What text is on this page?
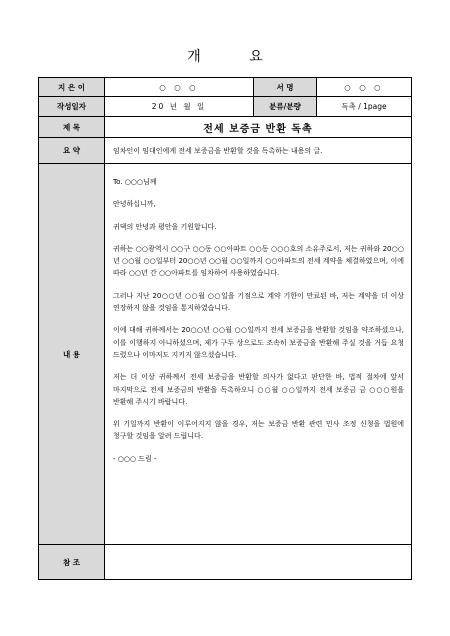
개 요
지 은 이	○ ○ ○	서 명	○ ○ ○
작성일자	20 년 월 일	분류/분량	독촉 / 1page
제 목	전세 보증금 반환 독촉
요 약	임차인이 임대인에게 전세 보증금을 반환할 것을 독촉하는 내용의 글.
내 용

To. ○○○님께

안녕하십니까,

귀댁의 안녕과 평안을 기원합니다.

귀하는 ○○광역시 ○○구 ○○동 ○○아파트 ○○동 ○○○호의 소유주로서, 저는 귀하와 20○○년 ○○월 ○○일부터 20○○년 ○○월 ○○일까지 ○○아파트의 전세 계약을 체결하였으며, 이에 따라 ○○년 간 ○○아파트를 임차하여 사용하였습니다.

그러나 지난 20○○년 ○○월 ○○일을 기점으로 계약 기한이 만료된 바, 저는 계약을 더 이상 연장하지 않을 것임을 통지하였습니다.

이에 대해 귀하께서는 20○○년 ○○월 ○○일까지 전세 보증금을 반환할 것임을 약조하셨으나, 이를 이행하지 아니하셨으며, 제가 구두 상으로도 조속히 보증금을 반환해 주실 것을 거듭 요청 드렸으나 이마저도 지키지 않으셨습니다.

저는 더 이상 귀하께서 전세 보증금을 반환할 의사가 없다고 판단한 바, 법적 절차에 앞서 마지막으로 전세 보증금의 반환을 독촉하오니 ○○월 ○○일까지 전세 보증금 금 ○○○원을 반환해 주시기 바랍니다.

위 기일까지 반환이 이루어지지 않을 경우, 저는 보증금 반환 관련 민사 조정 신청을 법원에 청구할 것임을 알려 드립니다.

- ○○○ 드림 -

참 조
